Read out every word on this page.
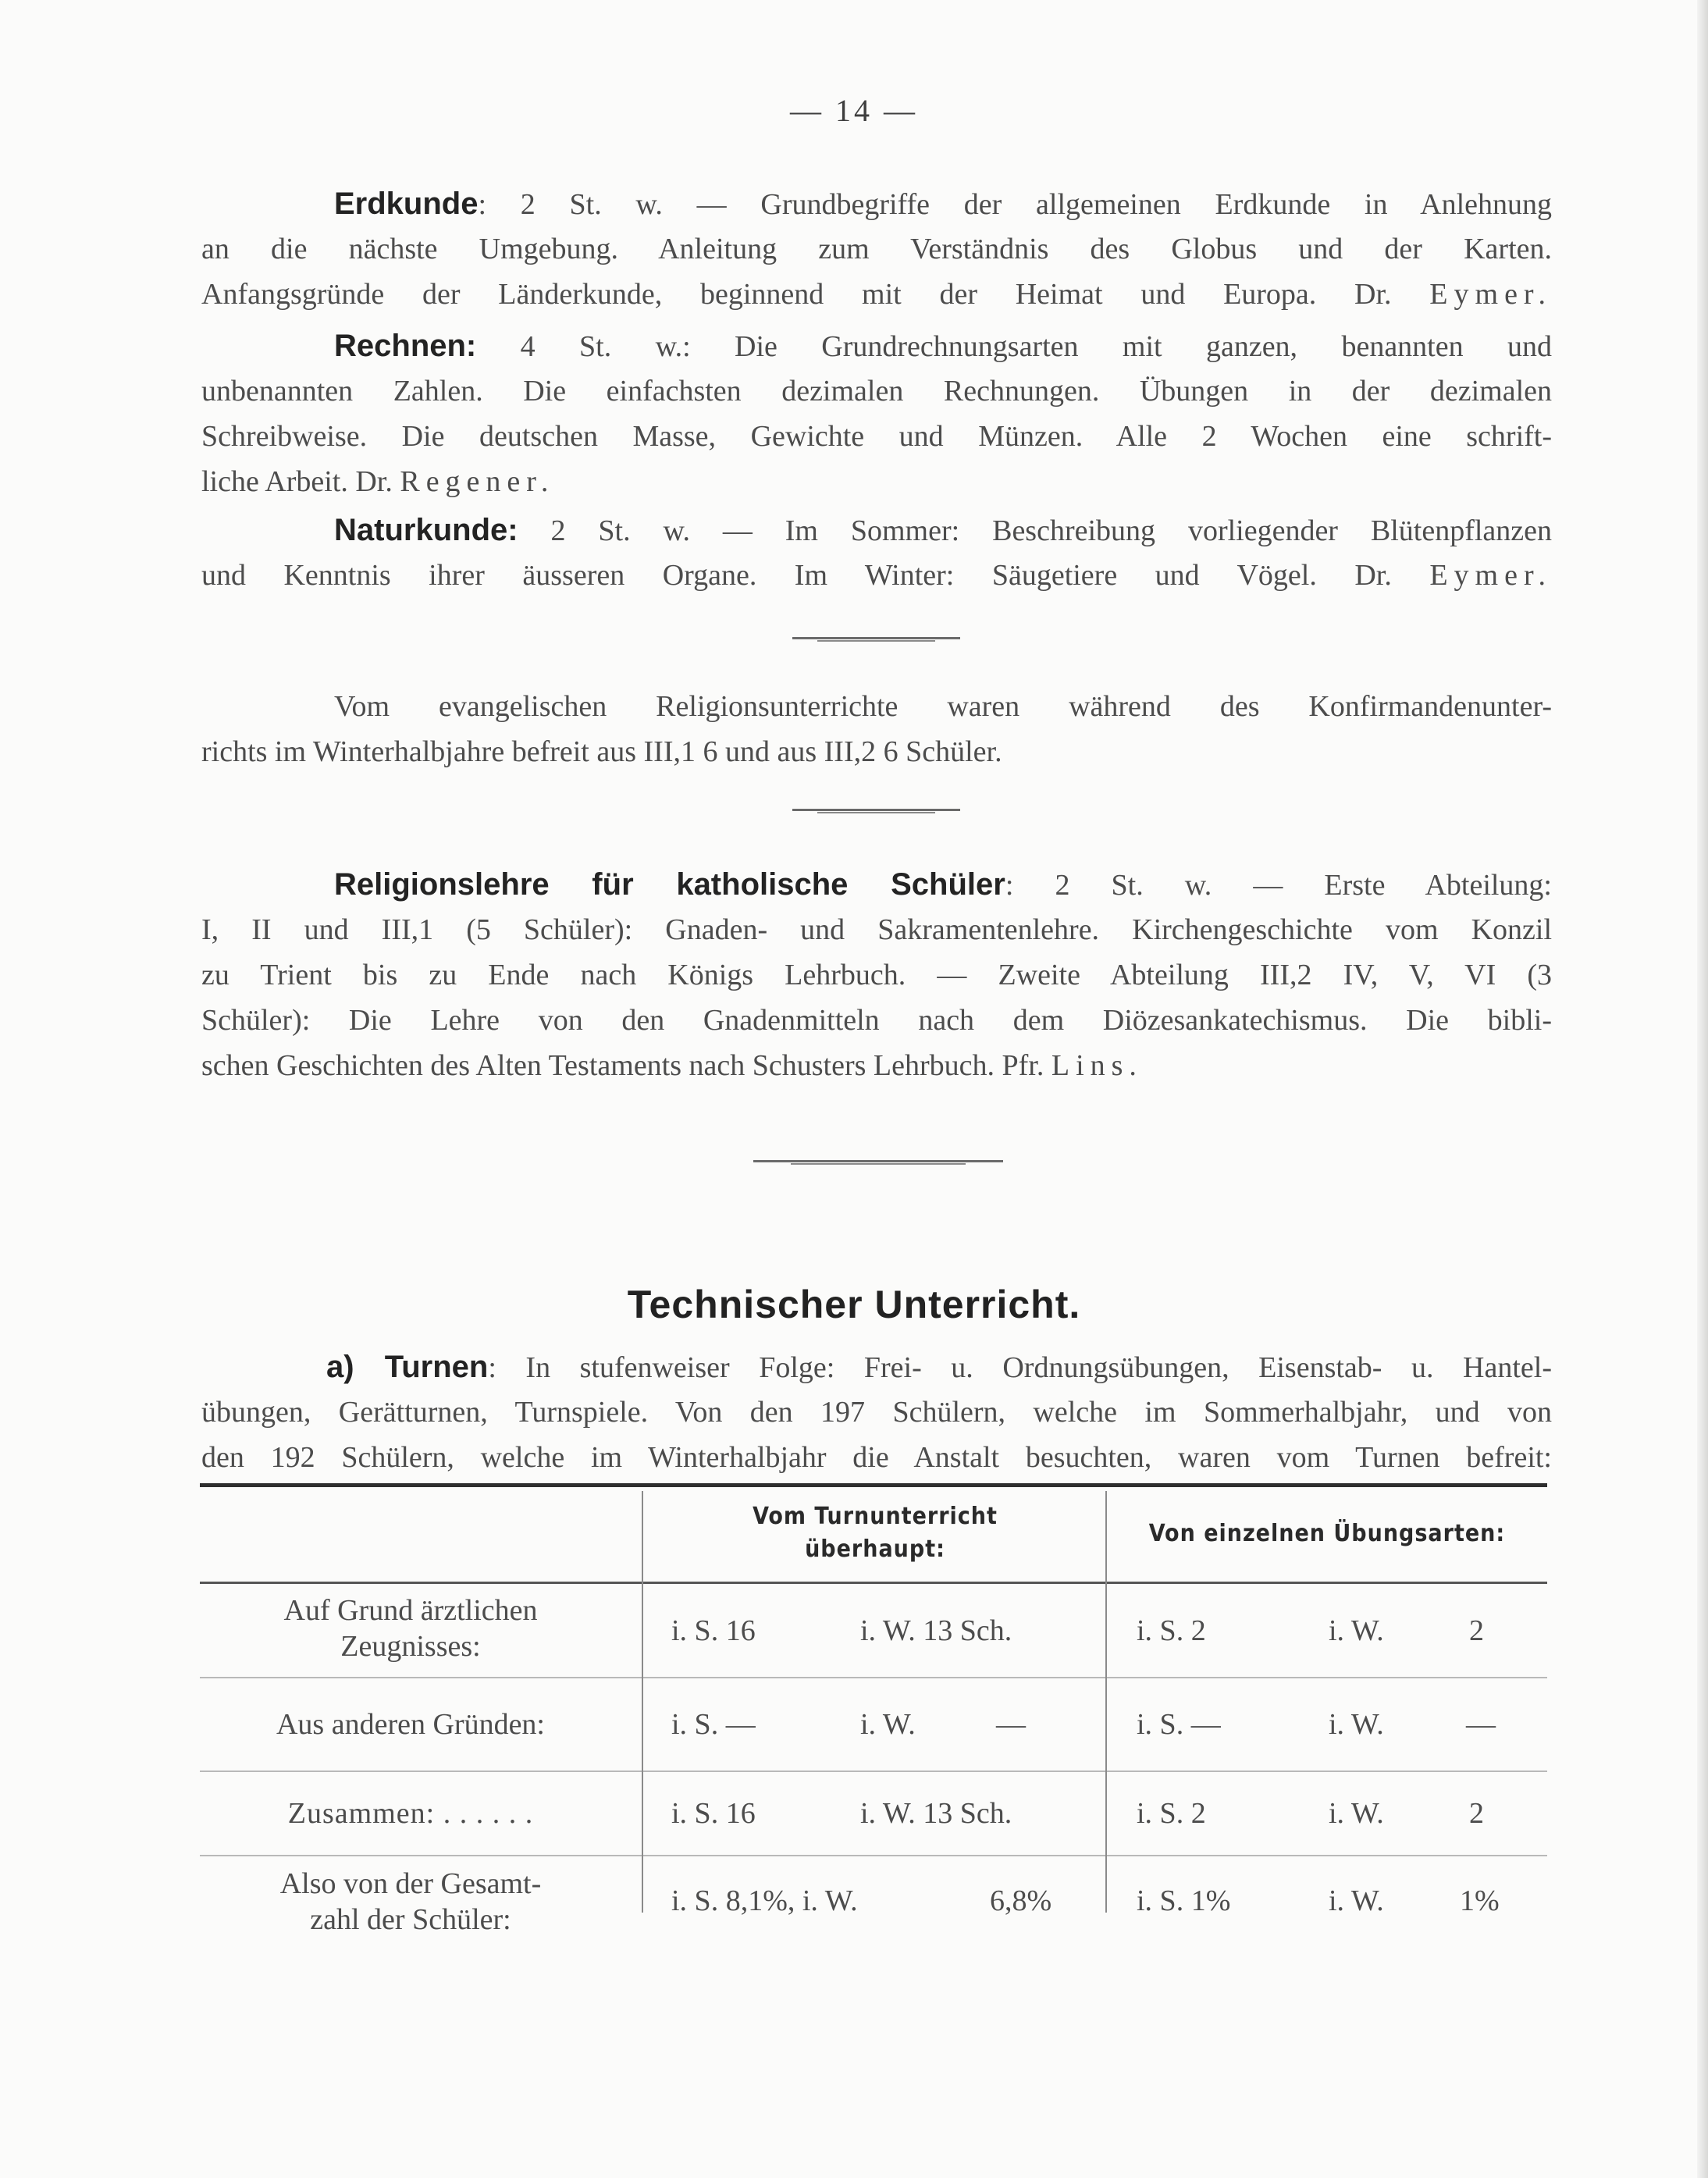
— 14 —
Erdkunde: 2 St. w. — Grundbegriffe der allgemeinen Erdkunde in Anlehnung
an die nächste Umgebung. Anleitung zum Verständnis des Globus und der Karten.
Anfangsgründe der Länderkunde, beginnend mit der Heimat und Europa. Dr. Eymer.
Rechnen: 4 St. w.: Die Grundrechnungsarten mit ganzen, benannten und
unbenannten Zahlen. Die einfachsten dezimalen Rechnungen. Übungen in der dezimalen
Schreibweise. Die deutschen Masse, Gewichte und Münzen. Alle 2 Wochen eine schrift-
liche Arbeit. Dr. Regener.
Naturkunde: 2 St. w. — Im Sommer: Beschreibung vorliegender Blütenpflanzen
und Kenntnis ihrer äusseren Organe. Im Winter: Säugetiere und Vögel. Dr. Eymer.
Vom evangelischen Religionsunterrichte waren während des Konfirmandenunter-
richts im Winterhalbjahre befreit aus III,1 6 und aus III,2 6 Schüler.
Religionslehre für katholische Schüler: 2 St. w. — Erste Abteilung:
I, II und III,1 (5 Schüler): Gnaden- und Sakramentenlehre. Kirchengeschichte vom Konzil
zu Trient bis zu Ende nach Königs Lehrbuch. — Zweite Abteilung III,2 IV, V, VI (3
Schüler): Die Lehre von den Gnadenmitteln nach dem Diözesankatechismus. Die bibli-
schen Geschichten des Alten Testaments nach Schusters Lehrbuch. Pfr. Lins.
Technischer Unterricht.
a) Turnen: In stufenweiser Folge: Frei- u. Ordnungsübungen, Eisenstab- u. Hantel-
übungen, Gerätturnen, Turnspiele. Von den 197 Schülern, welche im Sommerhalbjahr, und von
den 192 Schülern, welche im Winterhalbjahr die Anstalt besuchten, waren vom Turnen befreit:
Vom Turnunterricht
überhaupt:
Von einzelnen Übungsarten:
Auf Grund ärztlichen
Zeugnisses:	i. S. 16	i. W. 13 Sch.	i. S. 2	i. W.	2
Aus anderen Gründen:	i. S. —	i. W.	—	i. S. —	i. W.	—
Zusammen: . . . . . .	i. S. 16	i. W. 13 Sch.	i. S. 2	i. W.	2
Also von der Gesamt-
zahl der Schüler:
i. S. 8,1%, i. W.	6,8%	i. S. 1%	i. W.	1%
